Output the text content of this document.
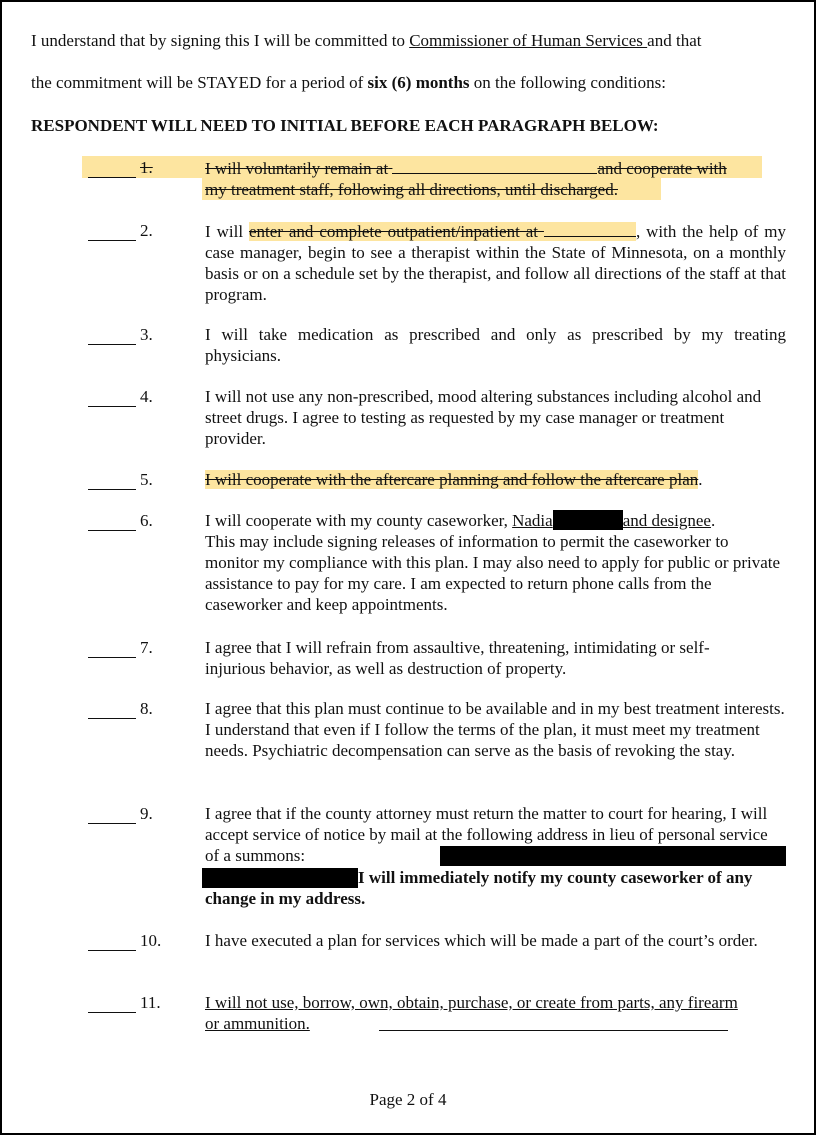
I understand that by signing this I will be committed to Commissioner of Human Services and that
the commitment will be STAYED for a period of six (6) months on the following conditions:
RESPONDENT WILL NEED TO INITIAL BEFORE EACH PARAGRAPH BELOW:
1.	I will voluntarily remain at	and cooperate with
my treatment staff, following all directions, until discharged.
2.	I will enter and complete outpatient/inpatient at	, with the help of my case manager, begin to see a therapist within the State of Minnesota, on a monthly basis or on a schedule set by the therapist, and follow all directions of the staff at that program.
3.	I will take medication as prescribed and only as prescribed by my treating physicians.
4.	I will not use any non-prescribed, mood altering substances including alcohol and street drugs. I agree to testing as requested by my case manager or treatment provider.
5.	I will cooperate with the aftercare planning and follow the aftercare plan.
6.	I will cooperate with my county caseworker, Nadia	and designee.
This may include signing releases of information to permit the caseworker to monitor my compliance with this plan. I may also need to apply for public or private assistance to pay for my care. I am expected to return phone calls from the caseworker and keep appointments.
7.	I agree that I will refrain from assaultive, threatening, intimidating or self-injurious behavior, as well as destruction of property.
8.	I agree that this plan must continue to be available and in my best treatment interests. I understand that even if I follow the terms of the plan, it must meet my treatment needs. Psychiatric decompensation can serve as the basis of revoking the stay.
9.	I agree that if the county attorney must return the matter to court for hearing, I will accept service of notice by mail at the following address in lieu of personal service of a summons:
I will immediately notify my county caseworker of any change in my address.
10.	I have executed a plan for services which will be made a part of the court’s order.
11.	I will not use, borrow, own, obtain, purchase, or create from parts, any firearm or ammunition.
Page 2 of 4
